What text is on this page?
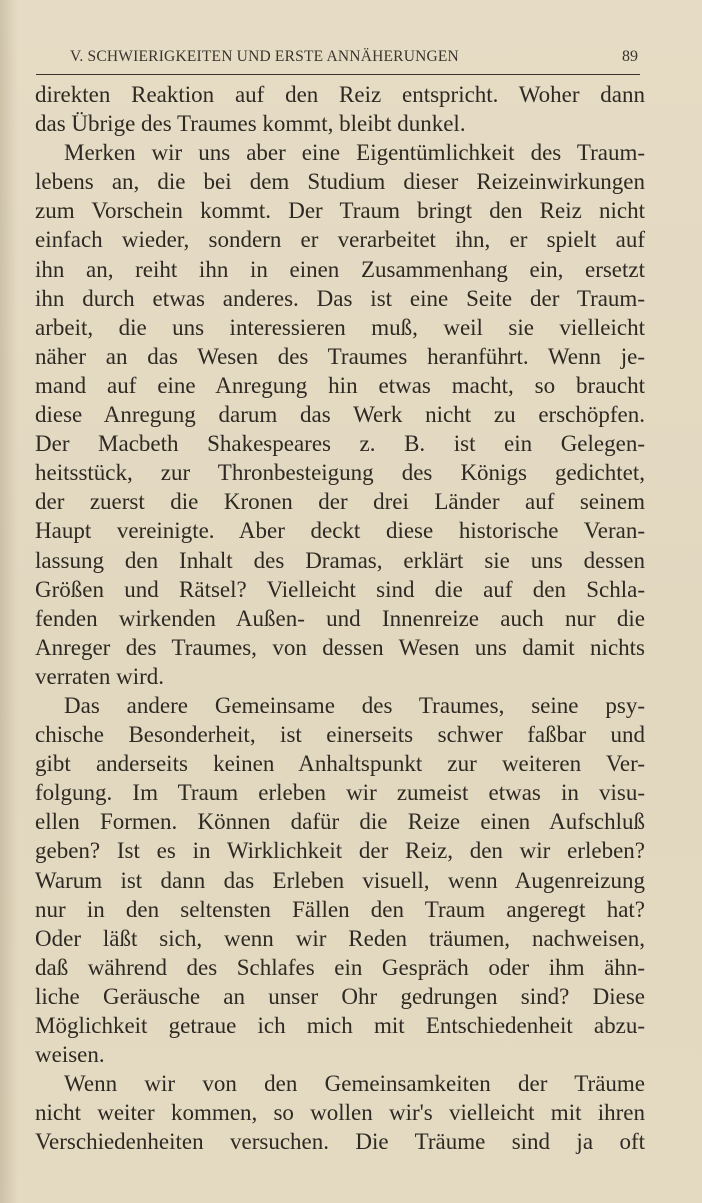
V. SCHWIERIGKEITEN UND ERSTE ANNÄHERUNGEN	89
direkten Reaktion auf den Reiz entspricht. Woher dann
das Übrige des Traumes kommt, bleibt dunkel.
Merken wir uns aber eine Eigentümlichkeit des Traum-
lebens an, die bei dem Studium dieser Reizeinwirkungen
zum Vorschein kommt. Der Traum bringt den Reiz nicht
einfach wieder, sondern er verarbeitet ihn, er spielt auf
ihn an, reiht ihn in einen Zusammenhang ein, ersetzt
ihn durch etwas anderes. Das ist eine Seite der Traum-
arbeit, die uns interessieren muß, weil sie vielleicht
näher an das Wesen des Traumes heranführt. Wenn je-
mand auf eine Anregung hin etwas macht, so braucht
diese Anregung darum das Werk nicht zu erschöpfen.
Der Macbeth Shakespeares z. B. ist ein Gelegen-
heitsstück, zur Thronbesteigung des Königs gedichtet,
der zuerst die Kronen der drei Länder auf seinem
Haupt vereinigte. Aber deckt diese historische Veran-
lassung den Inhalt des Dramas, erklärt sie uns dessen
Größen und Rätsel? Vielleicht sind die auf den Schla-
fenden wirkenden Außen- und Innenreize auch nur die
Anreger des Traumes, von dessen Wesen uns damit nichts
verraten wird.
Das andere Gemeinsame des Traumes, seine psy-
chische Besonderheit, ist einerseits schwer faßbar und
gibt anderseits keinen Anhaltspunkt zur weiteren Ver-
folgung. Im Traum erleben wir zumeist etwas in visu-
ellen Formen. Können dafür die Reize einen Aufschluß
geben? Ist es in Wirklichkeit der Reiz, den wir erleben?
Warum ist dann das Erleben visuell, wenn Augenreizung
nur in den seltensten Fällen den Traum angeregt hat?
Oder läßt sich, wenn wir Reden träumen, nachweisen,
daß während des Schlafes ein Gespräch oder ihm ähn-
liche Geräusche an unser Ohr gedrungen sind? Diese
Möglichkeit getraue ich mich mit Entschiedenheit abzu-
weisen.
Wenn wir von den Gemeinsamkeiten der Träume
nicht weiter kommen, so wollen wir's vielleicht mit ihren
Verschiedenheiten versuchen. Die Träume sind ja oft
